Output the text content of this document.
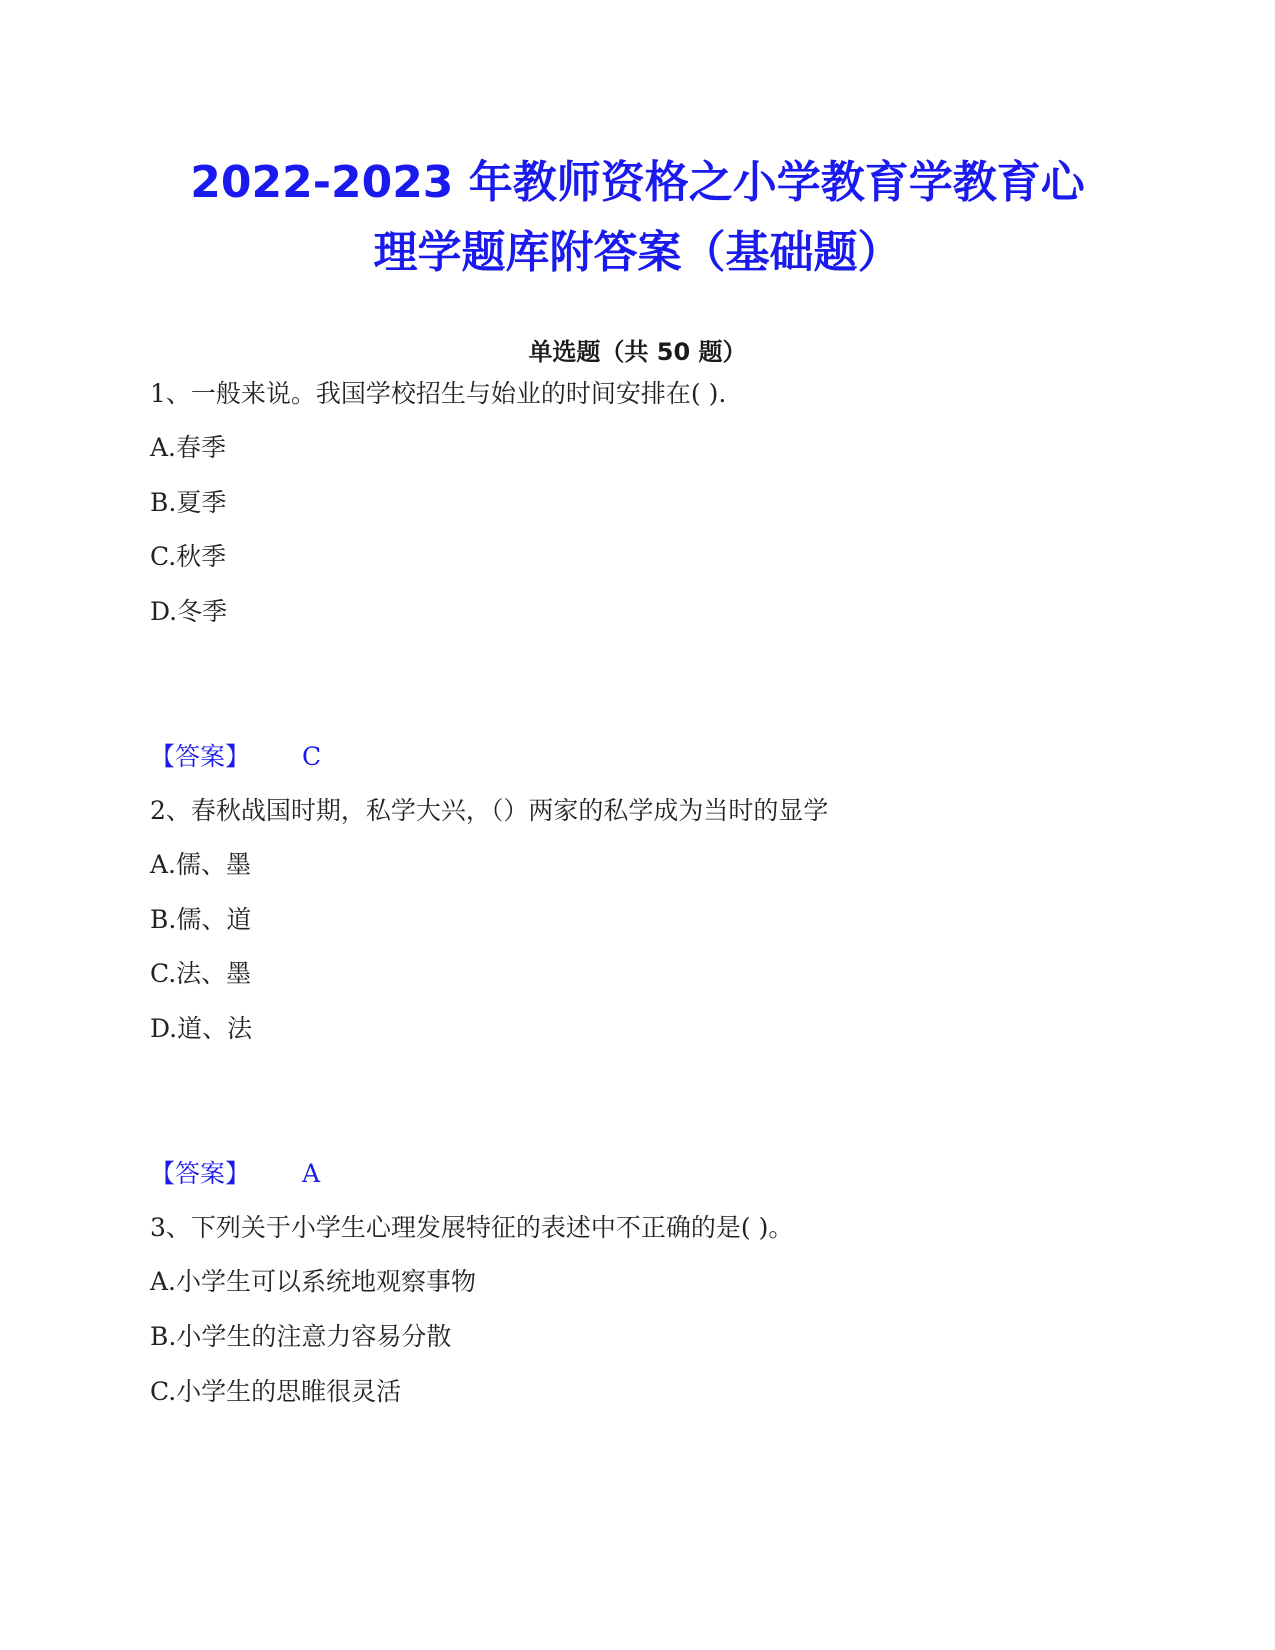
2022-2023 年教师资格之小学教育学教育心
理学题库附答案（基础题）
单选题（共 50 题）
1、一般来说。我国学校招生与始业的时间安排在( ).
A.春季
B.夏季
C.秋季
D.冬季
【答案】 C
2、春秋战国时期，私学大兴，（）两家的私学成为当时的显学
A.儒、墨
B.儒、道
C.法、墨
D.道、法
【答案】 A
3、下列关于小学生心理发展特征的表述中不正确的是( )。
A.小学生可以系统地观察事物
B.小学生的注意力容易分散
C.小学生的思睢很灵活
